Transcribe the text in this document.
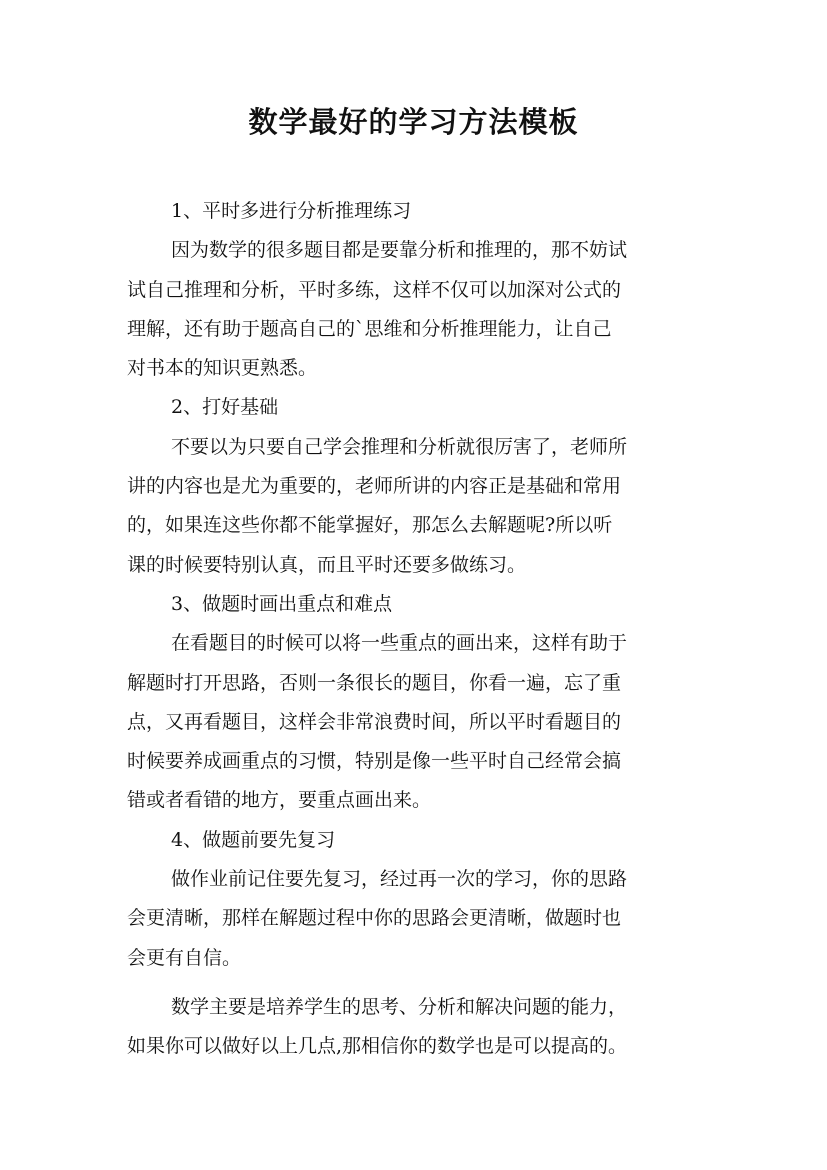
数学最好的学习方法模板
1、平时多进行分析推理练习
因为数学的很多题目都是要靠分析和推理的，那不妨试
试自己推理和分析，平时多练，这样不仅可以加深对公式的
理解，还有助于题高自己的`思维和分析推理能力，让自己
对书本的知识更熟悉。
2、打好基础
不要以为只要自己学会推理和分析就很厉害了，老师所
讲的内容也是尤为重要的，老师所讲的内容正是基础和常用
的，如果连这些你都不能掌握好，那怎么去解题呢?所以听
课的时候要特别认真，而且平时还要多做练习。
3、做题时画出重点和难点
在看题目的时候可以将一些重点的画出来，这样有助于
解题时打开思路，否则一条很长的题目，你看一遍，忘了重
点，又再看题目，这样会非常浪费时间，所以平时看题目的
时候要养成画重点的习惯，特别是像一些平时自己经常会搞
错或者看错的地方，要重点画出来。
4、做题前要先复习
做作业前记住要先复习，经过再一次的学习，你的思路
会更清晰，那样在解题过程中你的思路会更清晰，做题时也
会更有自信。
数学主要是培养学生的思考、分析和解决问题的能力，
如果你可以做好以上几点,那相信你的数学也是可以提高的。
